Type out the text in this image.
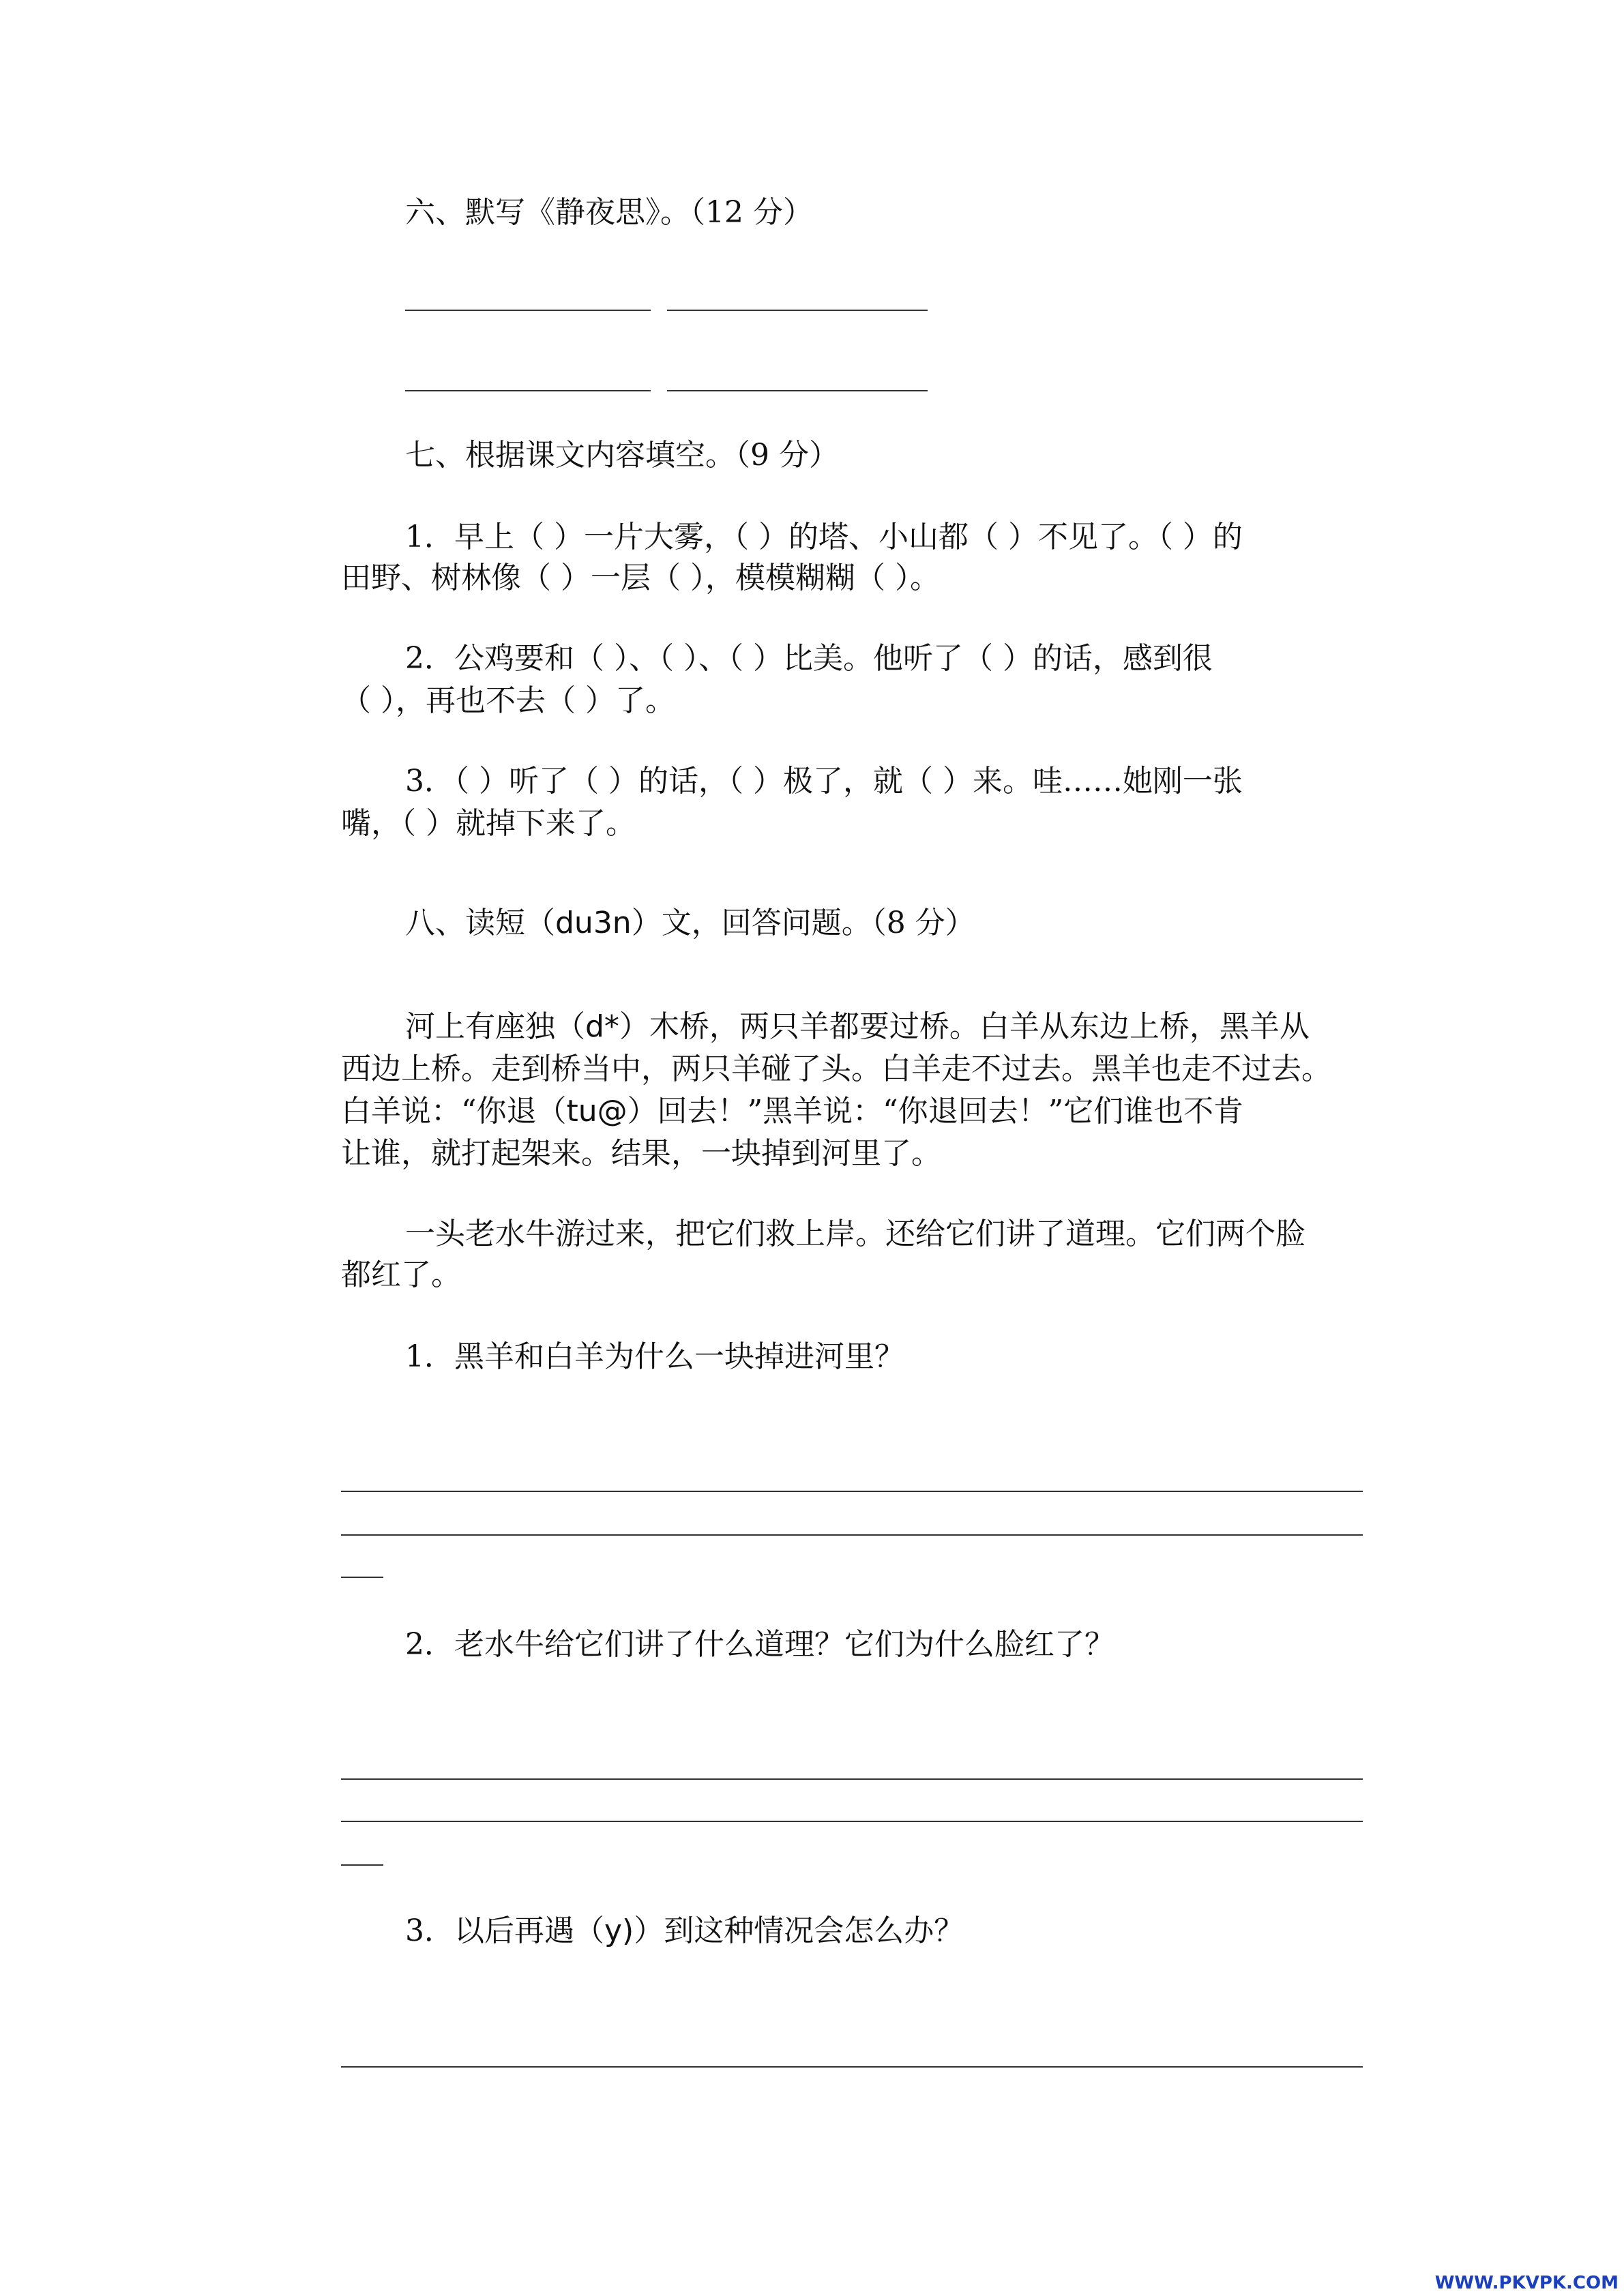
六、默写《静夜思》。（12 分）
七、根据课文内容填空。（9 分）
1．早上（ ）一片大雾，（ ）的塔、小山都（ ）不见了。（ ）的
田野、树林像（ ）一层（ ），模模糊糊（ ）。
2．公鸡要和（ ）、（ ）、（ ）比美。他听了（ ）的话，感到很
（ ），再也不去（ ）了。
3．（ ）听了（ ）的话，（ ）极了，就（ ）来。哇……她刚一张
嘴，（ ）就掉下来了。
八、读短（du3n）文，回答问题。（8 分）
河上有座独（d*）木桥，两只羊都要过桥。白羊从东边上桥，黑羊从
西边上桥。走到桥当中，两只羊碰了头。白羊走不过去。黑羊也走不过去。
白羊说：“你退（tu@）回去！”黑羊说：“你退回去！”它们谁也不肯
让谁，就打起架来。结果，一块掉到河里了。
一头老水牛游过来，把它们救上岸。还给它们讲了道理。它们两个脸
都红了。
1．黑羊和白羊为什么一块掉进河里？
2．老水牛给它们讲了什么道理？它们为什么脸红了？
3．以后再遇（y)）到这种情况会怎么办？
WWW.PKVPK.COM
